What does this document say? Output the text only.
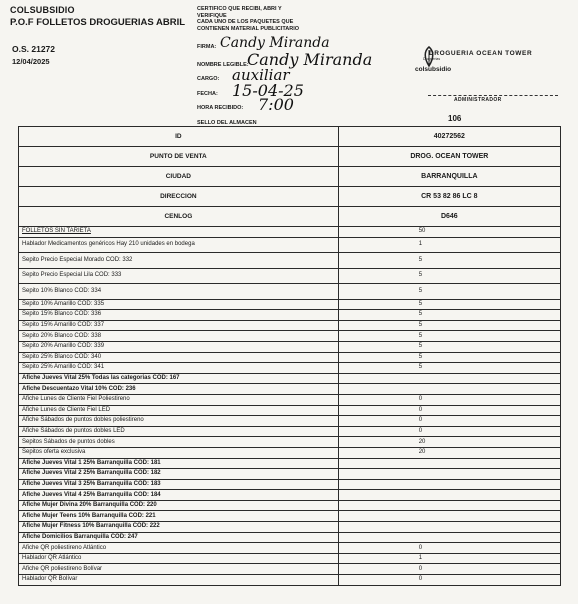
COLSUBSIDIO
P.O.F FOLLETOS DROGUERIAS ABRIL
O.S. 21272
12/04/2025
CERTIFICO QUE RECIBI, ABRI Y
VERIFIQUE
CADA UNO DE LOS PAQUETES QUE
CONTIENEN MATERIAL PUBLICITARIO
FIRMA: Candy Miranda
NOMBRE LEGIBLE:
Candy Miranda
CARGO: auxiliar
FECHA: 15-04-25
HORA RECIBIDO: 7:00
SELLO DEL ALMACEN
DROGUERIA OCEAN TOWER
Droguerias
colsubsidio
ADMINISTRADOR
106
ID	40272562
PUNTO DE VENTA	DROG. OCEAN TOWER
CIUDAD	BARRANQUILLA
DIRECCION	CR 53 82 86 LC 8
CENLOG	D646
FOLLETOS SIN TARIETA	50
Hablador Medicamentos genéricos Hay 210 unidades en bodega	1
Sepito Precio Especial Morado COD: 332	5
Sepito Precio Especial Lila COD: 333	5
Sepito 10% Blanco COD: 334	5
Sepito 10% Amarillo COD: 335	5
Sepito 15% Blanco COD: 336	5
Sepito 15% Amarillo COD: 337	5
Sepito 20% Blanco COD: 338	5
Sepito 20% Amarillo COD: 339	5
Sepito 25% Blanco COD: 340	5
Sepito 25% Amarillo COD: 341	5
Afiche Jueves Vital 25% Todas las categorias COD: 167	
Afiche Descuentazo Vital 10% COD: 236	
Afiche Lunes de Cliente Fiel Poliestireno	0
Afiche Lunes de Cliente Fiel LED	0
Afiche Sábados de puntos dobles poliestireno	0
Afiche Sábados de puntos dobles LED	0
Sepitos Sábados de puntos dobles	20
Sepitos oferta exclusiva	20
Afiche Jueves Vital 1 25% Barranquilla COD: 181	
Afiche Jueves Vital 2 25% Barranquilla COD: 182	
Afiche Jueves Vital 3 25% Barranquilla COD: 183	
Afiche Jueves Vital 4 25% Barranquilla COD: 184	
Afiche Mujer Divina 20% Barranquilla COD: 220	
Afiche Mujer Teens 10% Barranquilla COD: 221	
Afiche Mujer Fitness 10% Barranquilla COD: 222	
Afiche Domicilios Barranquilla COD: 247	
Afiche QR poliestireno Atlántico	0
Hablador QR Atlántico	1
Afiche QR poliestireno Bolívar	0
Hablador QR Bolívar	0
